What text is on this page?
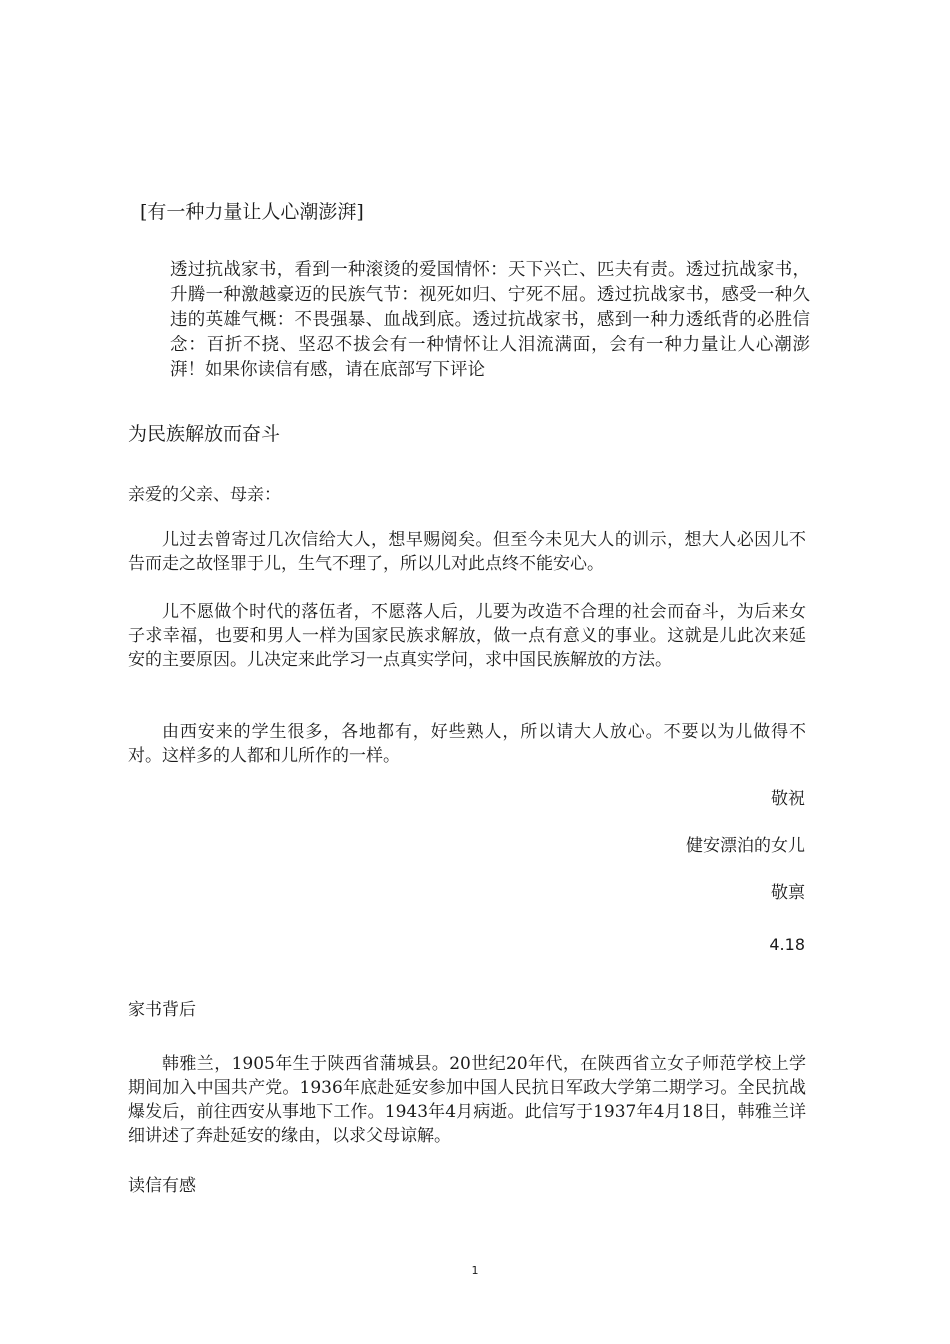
[有一种力量让人心潮澎湃]
透过抗战家书，看到一种滚烫的爱国情怀：天下兴亡、匹夫有责。透过抗战家书，升腾一种激越豪迈的民族气节：视死如归、宁死不屈。透过抗战家书，感受一种久违的英雄气概：不畏强暴、血战到底。透过抗战家书，感到一种力透纸背的必胜信念：百折不挠、坚忍不拔会有一种情怀让人泪流满面，会有一种力量让人心潮澎湃！如果你读信有感，请在底部写下评论
为民族解放而奋斗
亲爱的父亲、母亲：
儿过去曾寄过几次信给大人，想早赐阅矣。但至今未见大人的训示，想大人必因儿不告而走之故怪罪于儿，生气不理了，所以儿对此点终不能安心。
儿不愿做个时代的落伍者，不愿落人后，儿要为改造不合理的社会而奋斗，为后来女子求幸福，也要和男人一样为国家民族求解放，做一点有意义的事业。这就是儿此次来延安的主要原因。儿决定来此学习一点真实学问，求中国民族解放的方法。
由西安来的学生很多，各地都有，好些熟人，所以请大人放心。不要以为儿做得不对。这样多的人都和儿所作的一样。
敬祝
健安漂泊的女儿
敬禀
4.18
家书背后
韩雅兰，1905年生于陕西省蒲城县。20世纪20年代，在陕西省立女子师范学校上学期间加入中国共产党。1936年底赴延安参加中国人民抗日军政大学第二期学习。全民抗战爆发后，前往西安从事地下工作。1943年4月病逝。此信写于1937年4月18日，韩雅兰详细讲述了奔赴延安的缘由，以求父母谅解。
读信有感
1
